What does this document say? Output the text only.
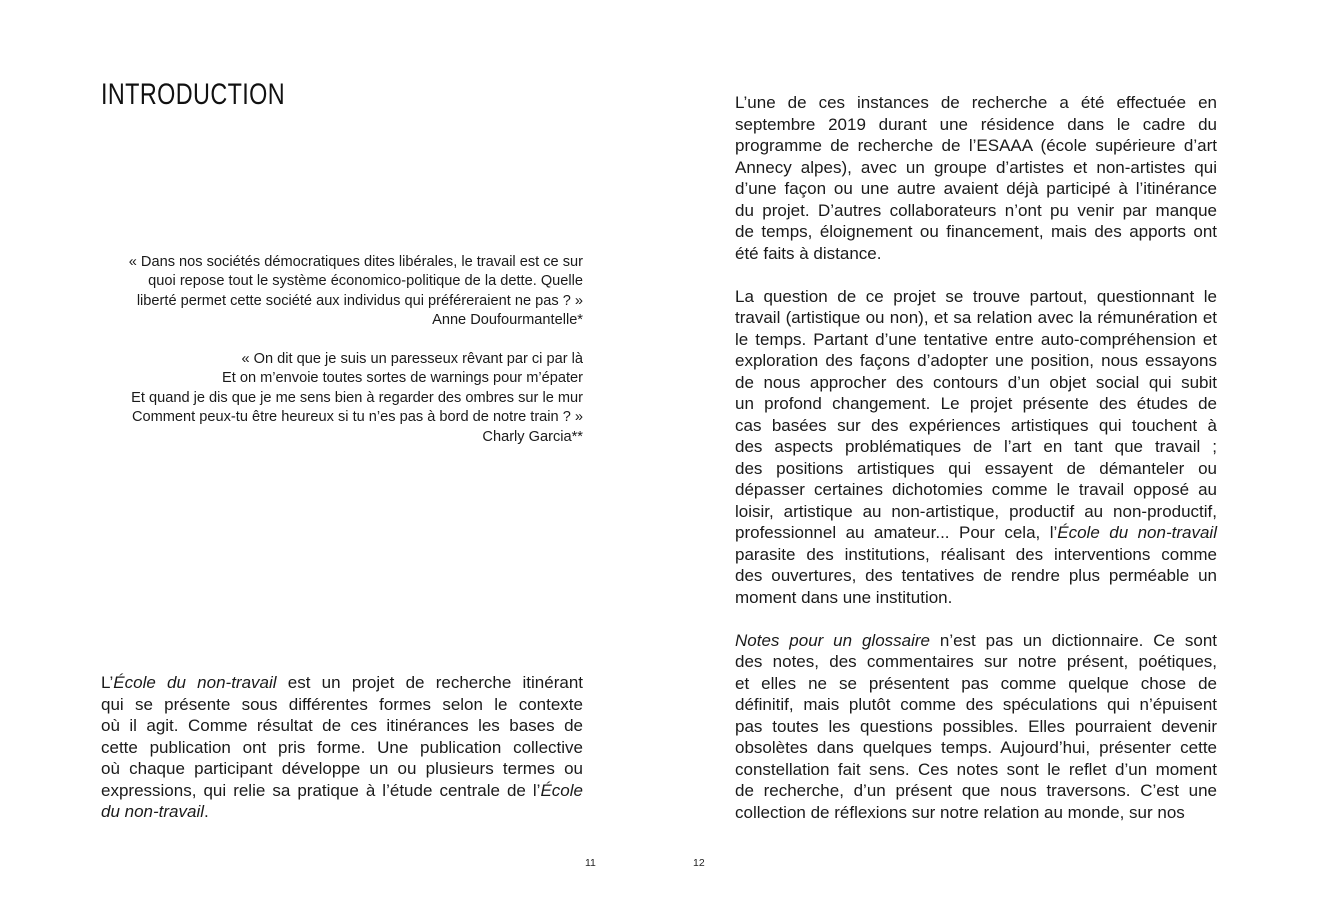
INTRODUCTION
« Dans nos sociétés démocratiques dites libérales, le travail est ce sur
quoi repose tout le système économico-politique de la dette. Quelle
liberté permet cette société aux individus qui préféreraient ne pas ? »
Anne Doufourmantelle*
« On dit que je suis un paresseux rêvant par ci par là
Et on m’envoie toutes sortes de warnings pour m’épater
Et quand je dis que je me sens bien à regarder des ombres sur le mur
Comment peux-tu être heureux si tu n’es pas à bord de notre train ? »
Charly Garcia**
L’École du non-travail est un projet de recherche itinérant
qui se présente sous différentes formes selon le contexte
où il agit. Comme résultat de ces itinérances les bases de
cette publication ont pris forme. Une publication collective
où chaque participant développe un ou plusieurs termes ou
expressions, qui relie sa pratique à l’étude centrale de l’École
du non-travail.
11
L’une de ces instances de recherche a été effectuée en
septembre 2019 durant une résidence dans le cadre du
programme de recherche de l’ESAAA (école supérieure d’art
Annecy alpes), avec un groupe d’artistes et non-artistes qui
d’une façon ou une autre avaient déjà participé à l’itinérance
du projet. D’autres collaborateurs n’ont pu venir par manque
de temps, éloignement ou financement, mais des apports ont
été faits à distance.
La question de ce projet se trouve partout, questionnant le
travail (artistique ou non), et sa relation avec la rémunération et
le temps. Partant d’une tentative entre auto-compréhension et
exploration des façons d’adopter une position, nous essayons
de nous approcher des contours d’un objet social qui subit
un profond changement. Le projet présente des études de
cas basées sur des expériences artistiques qui touchent à
des aspects problématiques de l’art en tant que travail ;
des positions artistiques qui essayent de démanteler ou
dépasser certaines dichotomies comme le travail opposé au
loisir, artistique au non-artistique, productif au non-productif,
professionnel au amateur... Pour cela, l’École du non-travail
parasite des institutions, réalisant des interventions comme
des ouvertures, des tentatives de rendre plus perméable un
moment dans une institution.
Notes pour un glossaire n’est pas un dictionnaire. Ce sont
des notes, des commentaires sur notre présent, poétiques,
et elles ne se présentent pas comme quelque chose de
définitif, mais plutôt comme des spéculations qui n’épuisent
pas toutes les questions possibles. Elles pourraient devenir
obsolètes dans quelques temps. Aujourd’hui, présenter cette
constellation fait sens. Ces notes sont le reflet d’un moment
de recherche, d’un présent que nous traversons. C’est une
collection de réflexions sur notre relation au monde, sur nos
12
